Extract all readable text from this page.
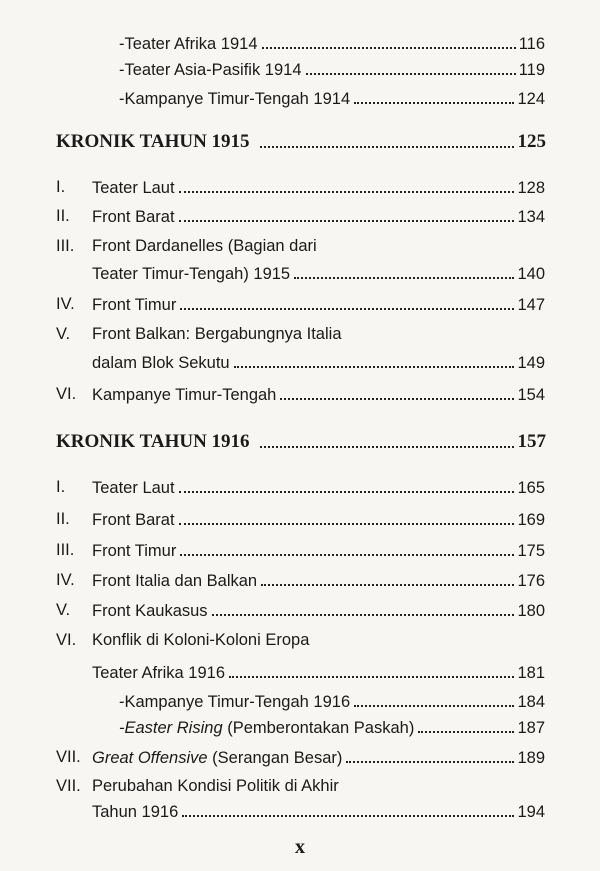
-Teater Afrika 1914	116
-Teater Asia-Pasifik 1914	119
-Kampanye Timur-Tengah 1914	124
KRONIK TAHUN 1915	125
I. Teater Laut	128
II. Front Barat	134
III. Front Dardanelles (Bagian dari
Teater Timur-Tengah) 1915	140
IV. Front Timur	147
V. Front Balkan: Bergabungnya Italia
dalam Blok Sekutu	149
VI. Kampanye Timur-Tengah	154
KRONIK TAHUN 1916	157
I. Teater Laut	165
II. Front Barat	169
III. Front Timur	175
IV. Front Italia dan Balkan	176
V. Front Kaukasus	180
VI. Konflik di Koloni-Koloni Eropa
Teater Afrika 1916	181
-Kampanye Timur-Tengah 1916	184
-Easter Rising (Pemberontakan Paskah)	187
VII. Great Offensive (Serangan Besar)	189
VII. Perubahan Kondisi Politik di Akhir
Tahun 1916	194
x
